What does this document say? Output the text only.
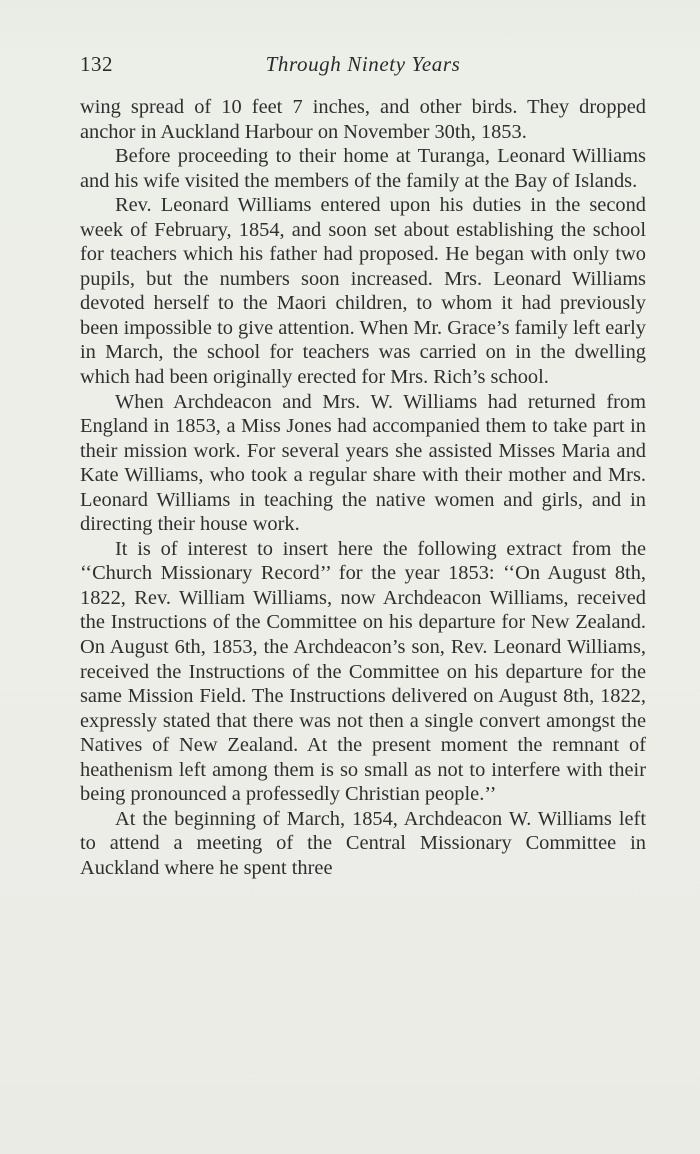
132	Through Ninety Years

wing spread of 10 feet 7 inches, and other birds. They dropped anchor in Auckland Harbour on November 30th, 1853.

Before proceeding to their home at Turanga, Leonard Williams and his wife visited the members of the family at the Bay of Islands.

Rev. Leonard Williams entered upon his duties in the second week of February, 1854, and soon set about establishing the school for teachers which his father had proposed. He began with only two pupils, but the numbers soon increased. Mrs. Leonard Williams devoted herself to the Maori children, to whom it had previously been impossible to give attention. When Mr. Grace’s family left early in March, the school for teachers was carried on in the dwelling which had been originally erected for Mrs. Rich’s school.

When Archdeacon and Mrs. W. Williams had returned from England in 1853, a Miss Jones had accompanied them to take part in their mission work. For several years she assisted Misses Maria and Kate Williams, who took a regular share with their mother and Mrs. Leonard Williams in teaching the native women and girls, and in directing their house work.

It is of interest to insert here the following extract from the ‘‘Church Missionary Record’’ for the year 1853: ‘‘On August 8th, 1822, Rev. William Williams, now Archdeacon Williams, received the Instructions of the Committee on his departure for New Zealand. On August 6th, 1853, the Archdeacon’s son, Rev. Leonard Williams, received the Instructions of the Committee on his departure for the same Mission Field. The Instructions delivered on August 8th, 1822, expressly stated that there was not then a single convert amongst the Natives of New Zealand. At the present moment the remnant of heathenism left among them is so small as not to interfere with their being pronounced a professedly Christian people.’’

At the beginning of March, 1854, Archdeacon W. Williams left to attend a meeting of the Central Missionary Committee in Auckland where he spent three
